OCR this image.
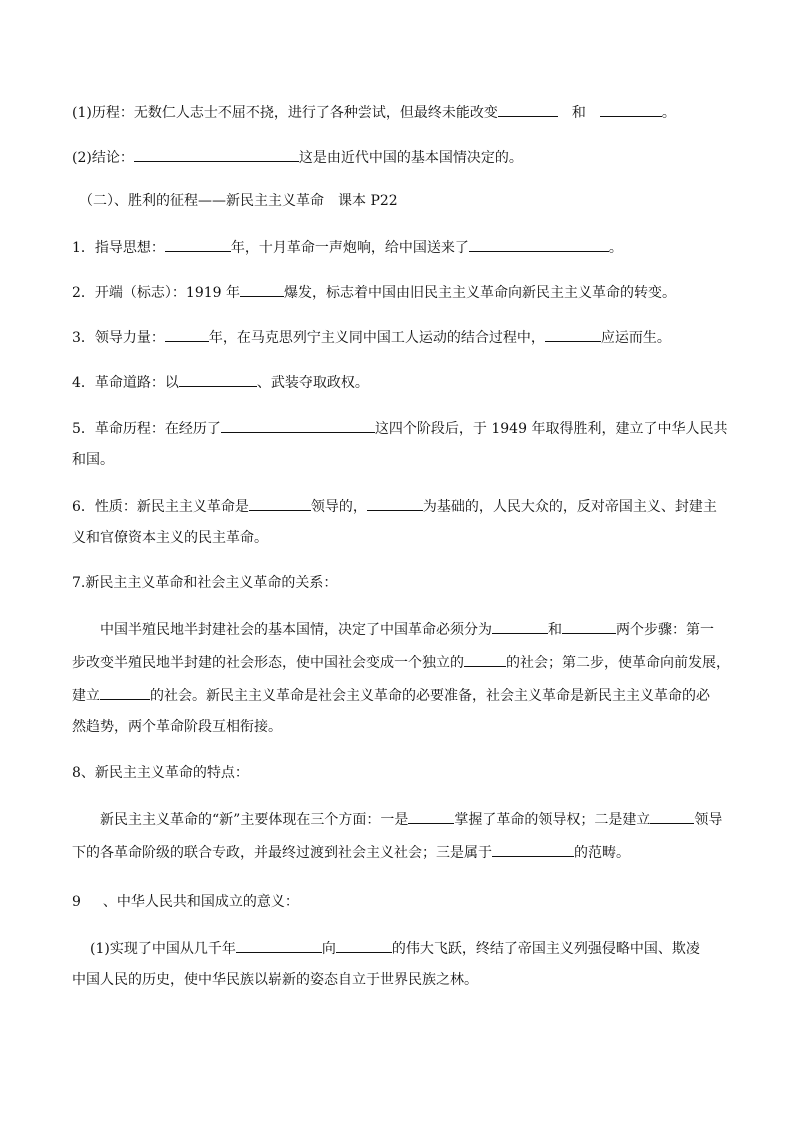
(1)历程：无数仁人志士不屈不挠，进行了各种尝试，但最终未能改变	和	。
(2)结论：	这是由近代中国的基本国情决定的。
（二）、胜利的征程——新民主主义革命　课本 P22
1．指导思想：	年，十月革命一声炮响，给中国送来了	。
2．开端（标志）：1919 年	爆发，标志着中国由旧民主主义革命向新民主主义革命的转变。
3．领导力量：	年，在马克思列宁主义同中国工人运动的结合过程中，	应运而生。
4．革命道路：以	、武装夺取政权。
5．革命历程：在经历了	这四个阶段后，于 1949 年取得胜利，建立了中华人民共
和国。
6．性质：新民主主义革命是	领导的，	为基础的，人民大众的，反对帝国主义、封建主
义和官僚资本主义的民主革命。
7.新民主主义革命和社会主义革命的关系：
中国半殖民地半封建社会的基本国情，决定了中国革命必须分为	和	两个步骤：第一
步改变半殖民地半封建的社会形态，使中国社会变成一个独立的	的社会；第二步，使革命向前发展，
建立	的社会。新民主主义革命是社会主义革命的必要准备，社会主义革命是新民主主义革命的必
然趋势，两个革命阶段互相衔接。
8、新民主主义革命的特点：
新民主主义革命的“新”主要体现在三个方面：一是	掌握了革命的领导权；二是建立	领导
下的各革命阶级的联合专政，并最终过渡到社会主义社会；三是属于	的范畴。
9 、中华人民共和国成立的意义：
(1)实现了中国从几千年	向	的伟大飞跃，终结了帝国主义列强侵略中国、欺凌
中国人民的历史，使中华民族以崭新的姿态自立于世界民族之林。
